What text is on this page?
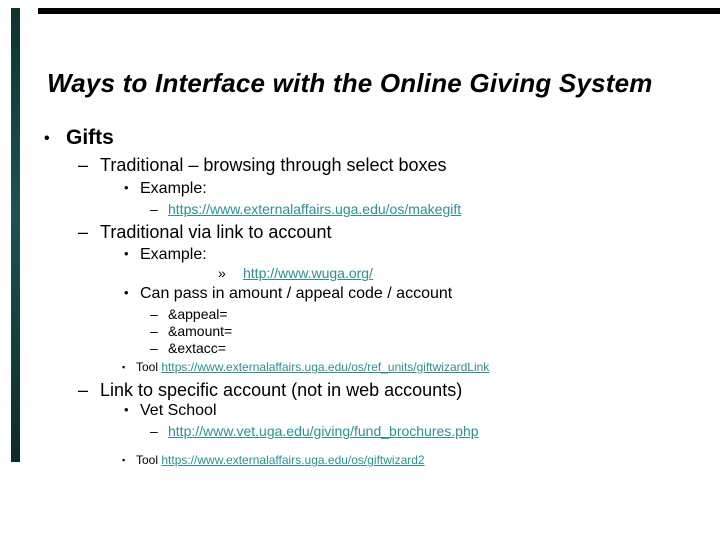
Ways to Interface with the Online Giving System
• Gifts
– Traditional – browsing through select boxes
• Example:
– https://www.externalaffairs.uga.edu/os/makegift
– Traditional via link to account
• Example:
» http://www.wuga.org/
• Can pass in amount / appeal code / account
– &appeal=
– &amount=
– &extacc=
▪ Tool https://www.externalaffairs.uga.edu/os/ref_units/giftwizardLink
– Link to specific account (not in web accounts)
• Vet School
– http://www.vet.uga.edu/giving/fund_brochures.php
▪ Tool https://www.externalaffairs.uga.edu/os/giftwizard2
